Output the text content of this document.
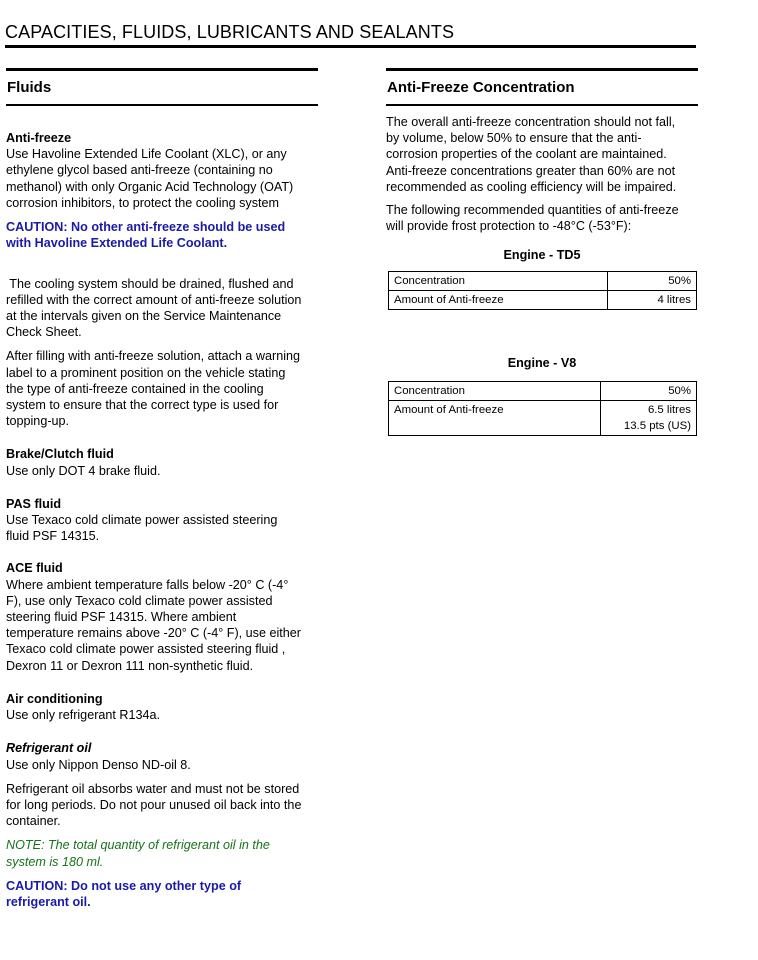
CAPACITIES, FLUIDS, LUBRICANTS AND SEALANTS
Fluids

Anti-freeze

Use Havoline Extended Life Coolant (XLC), or any
ethylene glycol based anti-freeze (containing no
methanol) with only Organic Acid Technology (OAT)
corrosion inhibitors, to protect the cooling system

CAUTION: No other anti-freeze should be used
with Havoline Extended Life Coolant.

The cooling system should be drained, flushed and
refilled with the correct amount of anti-freeze solution
at the intervals given on the Service Maintenance
Check Sheet.

After filling with anti-freeze solution, attach a warning
label to a prominent position on the vehicle stating
the type of anti-freeze contained in the cooling
system to ensure that the correct type is used for
topping-up.

Brake/Clutch fluid

Use only DOT 4 brake fluid.

PAS fluid

Use Texaco cold climate power assisted steering
fluid PSF 14315.

ACE fluid

Where ambient temperature falls below -20° C (-4°
F), use only Texaco cold climate power assisted
steering fluid PSF 14315. Where ambient
temperature remains above -20° C (-4° F), use either
Texaco cold climate power assisted steering fluid ,
Dexron 11 or Dexron 111 non-synthetic fluid.

Air conditioning

Use only refrigerant R134a.

Refrigerant oil

Use only Nippon Denso ND-oil 8.

Refrigerant oil absorbs water and must not be stored
for long periods. Do not pour unused oil back into the
container.

NOTE: The total quantity of refrigerant oil in the
system is 180 ml.

CAUTION: Do not use any other type of
refrigerant oil.

Anti-Freeze Concentration

The overall anti-freeze concentration should not fall,
by volume, below 50% to ensure that the anti-
corrosion properties of the coolant are maintained.
Anti-freeze concentrations greater than 60% are not
recommended as cooling efficiency will be impaired.

The following recommended quantities of anti-freeze
will provide frost protection to -48°C (-53°F):

Engine - TD5
Concentration	50%
Amount of Anti-freeze	4 litres
Engine - V8
Concentration	50%
Amount of Anti-freeze	6.5 litres
13.5 pts (US)
